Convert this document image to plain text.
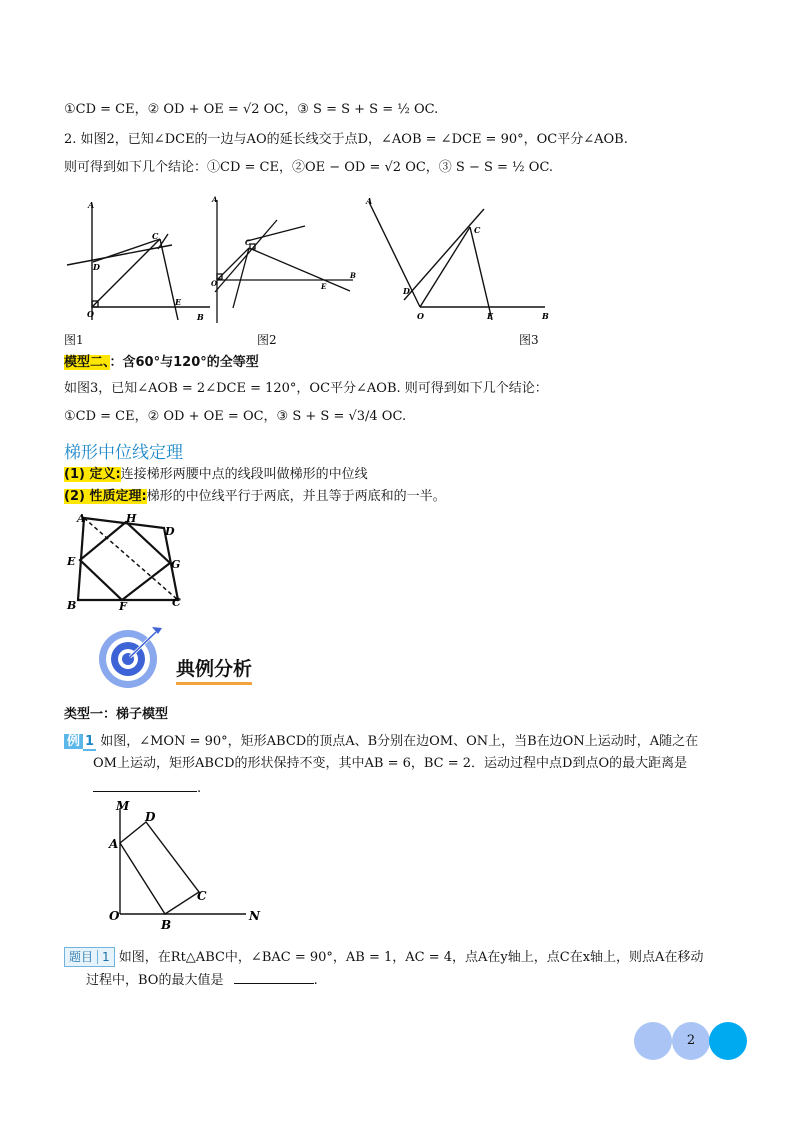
①CD = CE，② OD + OE = √2 OC，③ S = S + S = ½ OC.
2. 如图2，已知∠DCE的一边与AO的延长线交于点D，∠AOB = ∠DCE = 90°，OC平分∠AOB.
则可得到如下几个结论：①CD = CE，②OE − OD = √2 OC，③ S − S = ½ OC.
A
C
D
O
E
B
图1
A
C
O
B
E
图2
A
C
D
O	E	B
图3
模型二、：含60°与120°的全等型
如图3，已知∠AOB = 2∠DCE = 120°，OC平分∠AOB. 则可得到如下几个结论：
①CD = CE，② OD + OE = OC，③ S + S = √3/4 OC.
梯形中位线定理
(1) 定义:连接梯形两腰中点的线段叫做梯形的中位线
(2) 性质定理:梯形的中位线平行于两底，并且等于两底和的一半。
A	H
D
E	G
B	F	C
典例分析
类型一：梯子模型
例 1 如图，∠MON = 90°，矩形ABCD的顶点A、B分别在边OM、ON上，当B在边ON上运动时，A随之在
OM上运动，矩形ABCD的形状保持不变，其中AB = 6，BC = 2．运动过程中点D到点O的最大距离是
.
M
D
A
C
O
B
N
题目 1 如图，在Rt△ABC中，∠BAC = 90°，AB = 1，AC = 4，点A在y轴上，点C在x轴上，则点A在移动
过程中，BO的最大值是	.
2
